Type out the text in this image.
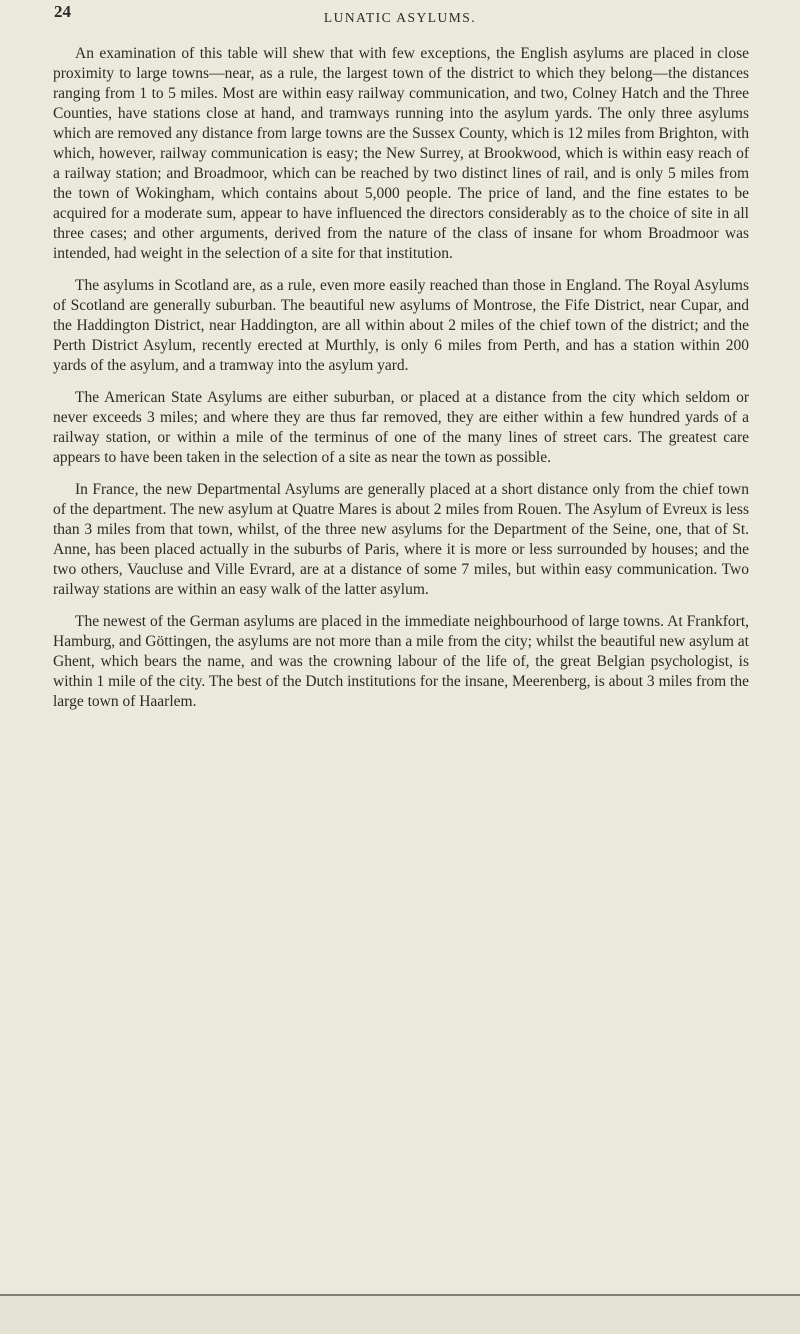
24	LUNATIC ASYLUMS.

An examination of this table will shew that with few exceptions, the English asylums are placed in close proximity to large towns—near, as a rule, the largest town of the district to which they belong—the distances ranging from 1 to 5 miles. Most are within easy railway communication, and two, Colney Hatch and the Three Counties, have stations close at hand, and tramways running into the asylum yards. The only three asylums which are removed any distance from large towns are the Sussex County, which is 12 miles from Brighton, with which, however, railway communication is easy; the New Surrey, at Brookwood, which is within easy reach of a railway station; and Broadmoor, which can be reached by two distinct lines of rail, and is only 5 miles from the town of Wokingham, which contains about 5,000 people. The price of land, and the fine estates to be acquired for a moderate sum, appear to have influenced the directors considerably as to the choice of site in all three cases; and other arguments, derived from the nature of the class of insane for whom Broadmoor was intended, had weight in the selection of a site for that institution.

The asylums in Scotland are, as a rule, even more easily reached than those in England. The Royal Asylums of Scotland are generally suburban. The beautiful new asylums of Montrose, the Fife District, near Cupar, and the Haddington District, near Haddington, are all within about 2 miles of the chief town of the district; and the Perth District Asylum, recently erected at Murthly, is only 6 miles from Perth, and has a station within 200 yards of the asylum, and a tramway into the asylum yard.

The American State Asylums are either suburban, or placed at a distance from the city which seldom or never exceeds 3 miles; and where they are thus far removed, they are either within a few hundred yards of a railway station, or within a mile of the terminus of one of the many lines of street cars. The greatest care appears to have been taken in the selection of a site as near the town as possible.

In France, the new Departmental Asylums are generally placed at a short distance only from the chief town of the department. The new asylum at Quatre Mares is about 2 miles from Rouen. The Asylum of Evreux is less than 3 miles from that town, whilst, of the three new asylums for the Department of the Seine, one, that of St. Anne, has been placed actually in the suburbs of Paris, where it is more or less surrounded by houses; and the two others, Vaucluse and Ville Evrard, are at a distance of some 7 miles, but within easy communication. Two railway stations are within an easy walk of the latter asylum.

The newest of the German asylums are placed in the immediate neighbourhood of large towns. At Frankfort, Hamburg, and Göttingen, the asylums are not more than a mile from the city; whilst the beautiful new asylum at Ghent, which bears the name, and was the crowning labour of the life of, the great Belgian psychologist, is within 1 mile of the city. The best of the Dutch institutions for the insane, Meerenberg, is about 3 miles from the large town of Haarlem.
